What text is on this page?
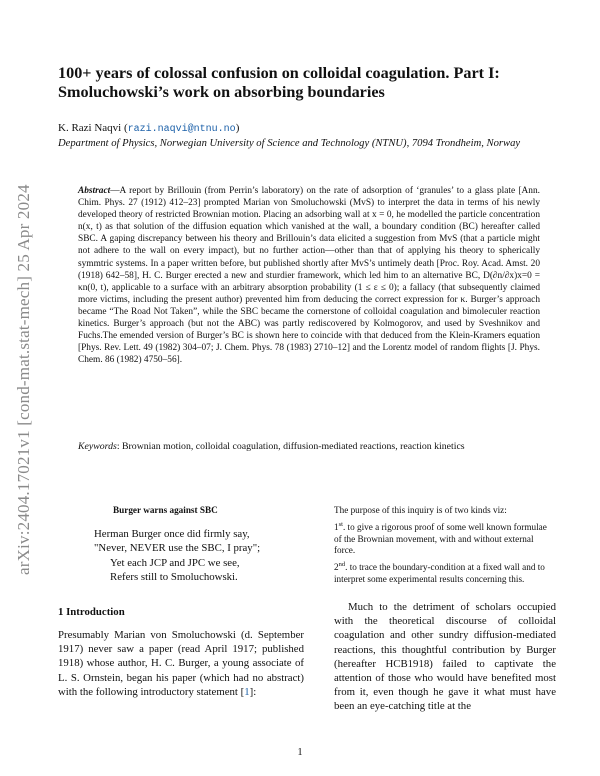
arXiv:2404.17021v1 [cond-mat.stat-mech] 25 Apr 2024
100+ years of colossal confusion on colloidal coagulation. Part I: Smoluchowski’s work on absorbing boundaries
K. Razi Naqvi (razi.naqvi@ntnu.no)
Department of Physics, Norwegian University of Science and Technology (NTNU), 7094 Trondheim, Norway
Abstract—A report by Brillouin (from Perrin’s laboratory) on the rate of adsorption of ‘granules’ to a glass plate [Ann. Chim. Phys. 27 (1912) 412–23] prompted Marian von Smoluchowski (MvS) to interpret the data in terms of his newly developed theory of restricted Brownian motion. Placing an adsorbing wall at x = 0, he modelled the particle concentration n(x, t) as that solution of the diffusion equation which vanished at the wall, a boundary condition (BC) hereafter called SBC. A gaping discrepancy between his theory and Brillouin’s data elicited a suggestion from MvS (that a particle might not adhere to the wall on every impact), but no further action—other than that of applying his theory to spherically symmtric systems. In a paper written before, but published shortly after MvS’s untimely death [Proc. Roy. Acad. Amst. 20 (1918) 642–58], H. C. Burger erected a new and sturdier framework, which led him to an alternative BC, D(∂n/∂x)x=0 = κn(0, t), applicable to a surface with an arbitrary absorption probability (1 ≤ ε ≤ 0); a fallacy (that subsequently claimed more victims, including the present author) prevented him from deducing the correct expression for κ. Burger’s approach became “The Road Not Taken”, while the SBC became the cornerstone of colloidal coagulation and bimoleculer reaction kinetics. Burger’s approach (but not the ABC) was partly rediscovered by Kolmogorov, and used by Sveshnikov and Fuchs.The emended version of Burger’s BC is shown here to coincide with that deduced from the Klein-Kramers equation [Phys. Rev. Lett. 49 (1982) 304–07; J. Chem. Phys. 78 (1983) 2710–12] and the Lorentz model of random flights [J. Phys. Chem. 86 (1982) 4750–56].
Keywords: Brownian motion, colloidal coagulation, diffusion-mediated reactions, reaction kinetics
Burger warns against SBC
Herman Burger once did firmly say,
"Never, NEVER use the SBC, I pray";
Yet each JCP and JPC we see,
Refers still to Smoluchowski.
1 Introduction
Presumably Marian von Smoluchowski (d. September 1917) never saw a paper (read April 1917; published 1918) whose author, H. C. Burger, a young associate of L. S. Ornstein, began his paper (which had no abstract) with the following introductory statement [1]:

The purpose of this inquiry is of two kinds viz:

1st. to give a rigorous proof of some well known formulae of the Brownian movement, with and without external force.

2nd. to trace the boundary-condition at a fixed wall and to interpret some experimental results concerning this.

Much to the detriment of scholars occupied with the theoretical discourse of colloidal coagulation and other sundry diffusion-mediated reactions, this thoughtful contribution by Burger (hereafter HCB1918) failed to captivate the attention of those who would have benefited most from it, even though he gave it what must have been an eye-catching title at the
1
